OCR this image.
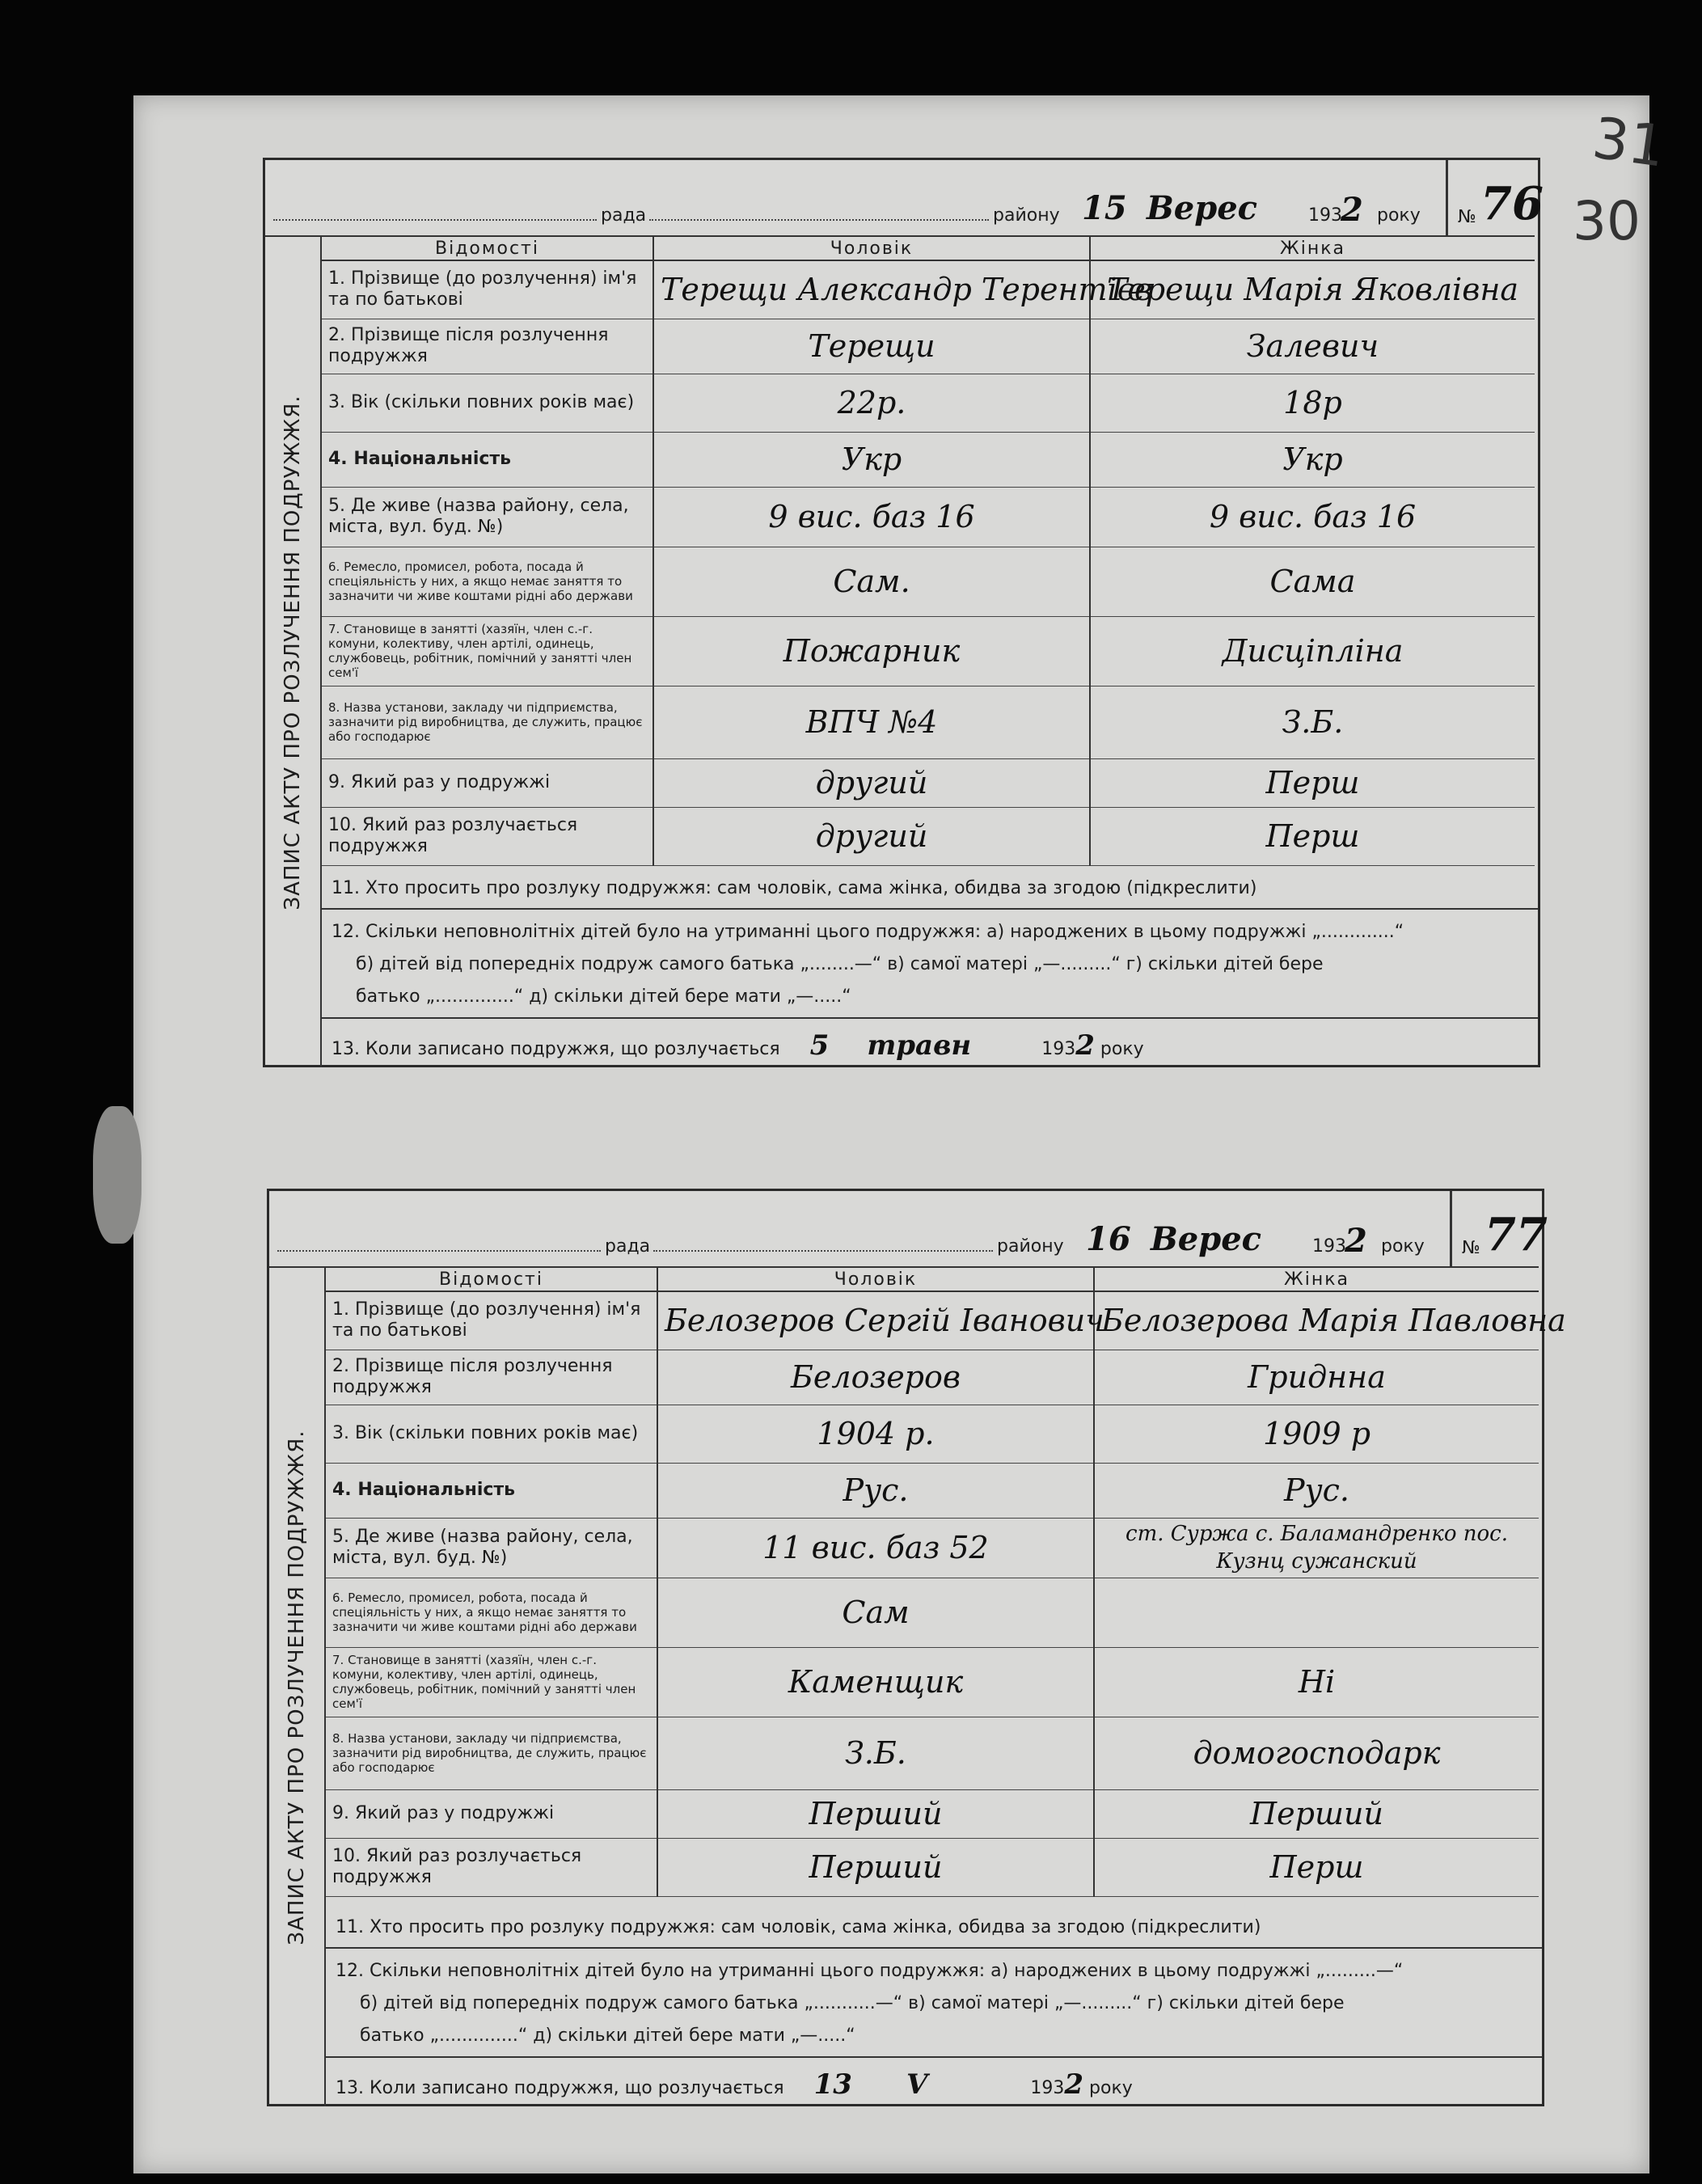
31
30
ЗАПИС АКТУ ПРО РОЗЛУЧЕННЯ ПОДРУЖЖЯ.
рада	району 15 Верес	193
2 року № 76
Відомості	Чоловік	Жінка
1. Прізвище (до розлучення) ім'я та по батькові	Терещи Александр Терентієв	Терещи Марія Яковлівна
2. Прізвище після розлучення подружжя	Терещи	Залевич
3. Вік (скільки повних років має)	22р.	18р
4. Національність	Укр	Укр
5. Де живе (назва району, села, міста, вул. буд. №)	9 вис. баз 16	9 вис. баз 16
6. Ремесло, промисел, робота, посада й спеціяльність у них, а якщо немає заняття то зазначити чи живе коштами рідні або держави	Сам.	Сама
7. Становище в занятті (хазяїн, член с.-г. комуни, колективу, член артілі, одинець, службовець, робітник, помічний у занятті член сем'ї	Пожарник	Дисціпліна
8. Назва установи, закладу чи підприємства, зазначити рід виробництва, де служить, працює або господарює	ВПЧ №4	З.Б.
9. Який раз у подружжі	другий	Перш
10. Який раз розлучається подружжя	другий	Перш
11. Хто просить про розлуку подружжя: сам чоловік, сама жінка, обидва за згодою (підкреслити)
12. Скільки неповнолітніх дітей було на утриманні цього подружжя: а) народжених в цьому подружжі „.............“
б) дітей від попередніх подруж самого батька „........—“ в) самої матері „—.........“ г) скільки дітей бере
батько „..............“ д) скільки дітей бере мати „—.....“
13. Коли записано подружжя, що розлучається 5 травн	1932 року
ЗАПИС АКТУ ПРО РОЗЛУЧЕННЯ ПОДРУЖЖЯ.
рада	району 16 Верес	193
2 року № 77
Відомості	Чоловік	Жінка
1. Прізвище (до розлучення) ім'я та по батькові	Белозеров Сергій Іванович	Белозерова Марія Павловна
2. Прізвище після розлучення подружжя	Белозеров	Гриднна
3. Вік (скільки повних років має)	1904 р.	1909 р
4. Національність	Рус.	Рус.
5. Де живе (назва району, села, міста, вул. буд. №)	11 вис. баз 52	ст. Суржа с. Баламандренко пос. Кузнц сужанский
6. Ремесло, промисел, робота, посада й спеціяльність у них, а якщо немає заняття то зазначити чи живе коштами рідні або держави	Сам	
7. Становище в занятті (хазяїн, член с.-г. комуни, колективу, член артілі, одинець, службовець, робітник, помічний у занятті член сем'ї	Каменщик	Ні
8. Назва установи, закладу чи підприємства, зазначити рід виробництва, де служить, працює або господарює	З.Б.	домогосподарк
9. Який раз у подружжі	Перший	Перший
10. Який раз розлучається подружжя	Перший	Перш
11. Хто просить про розлуку подружжя: сам чоловік, сама жінка, обидва за згодою (підкреслити)
12. Скільки неповнолітніх дітей було на утриманні цього подружжя: а) народжених в цьому подружжі „.........—“
б) дітей від попередніх подруж самого батька „...........—“ в) самої матері „—.........“ г) скільки дітей бере
батько „..............“ д) скільки дітей бере мати „—.....“
13. Коли записано подружжя, що розлучається 13 V	1932 року
